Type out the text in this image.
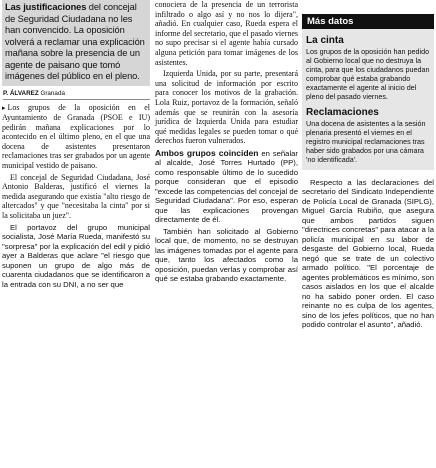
Las justificaciones del concejal de Seguridad Ciudadana no les han convencido. La oposición volverá a reclamar una explicación mañana sobre la presencia de un agente de paisano que tomó imágenes del público en el pleno.

P. ÁLVAREZ Granada

▸ Los grupos de la oposición en el Ayuntamiento de Granada (PSOE e IU) pedirán mañana explicaciones por lo acontecido en el último pleno, en el que una docena de asistentes presentaron reclamaciones tras ser grabados por un agente municipal vestido de paisano.

El concejal de Seguridad Ciudadana, José Antonio Balderas, justificó el viernes la medida asegurando que existía "alto riesgo de altercados" y que "necesitaba la cinta" por si la solicitaba un juez".

El portavoz del grupo municipal socialista, José María Rueda, manifestó su "sorpresa" por la explicación del edil y pidió ayer a Balderas que aclare "el riesgo que suponen un grupo de algo más de cuarenta ciudadanos que se identificaron a la entrada con su DNI, a no ser que

conociera de la presencia de un terrorista infiltrado o algo así y no nos lo dijera", añadió. En cualquier caso, Rueda espera el informe del secretario, que el pasado viernes no supo precisar si el agente había cursado alguna petición para tomar imágenes de los asistentes.

Izquierda Unida, por su parte, presentará una solicitud de información por escrito para conocer los motivos de la grabación. Lola Ruiz, portavoz de la formación, señaló además que se reunirán con la asesoría jurídica de Izquierda Unida para estudiar qué medidas legales se pueden tomar o qué derechos fueron vulnerados.

Ambos grupos coinciden en señalar al alcalde, José Torres Hurtado (PP), como responsable último de lo sucedido porque consideran que el episodio "excede las competencias del concejal de Seguridad Ciudadana". Por eso, esperan que las explicaciones provengan directamente de él.

También han solicitado al Gobierno local que, de momento, no se destruyan las imágenes tomadas por el agente para que, tanto los afectados como la oposición, puedan verlas y comprobar así qué se estaba grabando exactamente.

Más datos
La cinta

Los grupos de la oposición han pedido al Gobierno local que no destruya la cinta, para que los ciudadanos puedan comprobar qué estaba grabando exactamente el agente al inicio del pleno del pasado viernes.

Reclamaciones

Una docena de asistentes a la sesión plenaria presentó el viernes en el registro municipal reclamaciones tras haber sido grabados por una cámara 'no identificada'.

Respecto a las declaraciones del secretario del Sindicato Independiente de Policía Local de Granada (SIPLG), Miguel García Rubiño, que asegura que ambos partidos siguen "directrices concretas" para atacar a la policía municipal en su labor de desgaste del Gobierno local, Rueda negó que se trate de un colectivo armado político. "El porcentaje de agentes problemáticos es mínimo, son casos aislados en los que el alcalde no ha sabido poner orden. El caso reinante no es culpa de los agentes, sino de los jefes políticos, que no han podido controlar el asunto", añadió.
